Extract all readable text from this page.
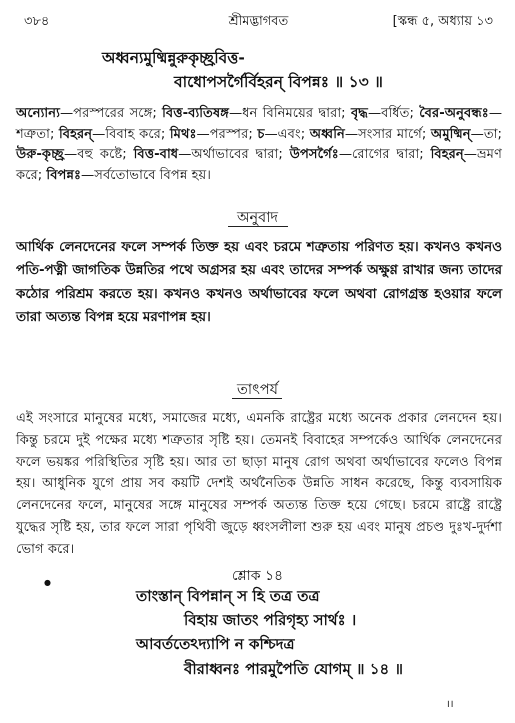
৩৮৪	শ্রীমদ্ভাগবত	[স্কন্ধ ৫, অধ্যায় ১৩
অধ্বন্যমুষ্মিন্নুরুকৃচ্ছ্রবিত্ত-
বাধোপসর্গৈর্বিহরন্ বিপন্নঃ ॥ ১৩ ॥
অন্যোন্য—পরস্পরের সঙ্গে; বিত্ত-ব্যতিষঙ্গ—ধন বিনিময়ের দ্বারা; বৃদ্ধ—বর্ধিত; বৈর-অনুবন্ধঃ—শত্রুতা; বিহরন্—বিবাহ করে; মিথঃ—পরস্পর; চ—এবং; অধ্বনি—সংসার মার্গে; অমুষ্মিন্—তা; উরু-কৃচ্ছ্র—বহু কষ্টে; বিত্ত-বাধ—অর্থাভাবের দ্বারা; উপসর্গৈঃ—রোগের দ্বারা; বিহরন্—ভ্রমণ করে; বিপন্নঃ—সর্বতোভাবে বিপন্ন হয়।
অনুবাদ
আর্থিক লেনদেনের ফলে সম্পর্ক তিক্ত হয় এবং চরমে শত্রুতায় পরিণত হয়। কখনও কখনও পতি-পত্নী জাগতিক উন্নতির পথে অগ্রসর হয় এবং তাদের সম্পর্ক অক্ষুণ্ণ রাখার জন্য তাদের কঠোর পরিশ্রম করতে হয়। কখনও কখনও অর্থাভাবের ফলে অথবা রোগগ্রস্ত হওয়ার ফলে তারা অত্যন্ত বিপন্ন হয়ে মরণাপন্ন হয়।
তাৎপর্য
এই সংসারে মানুষের মধ্যে, সমাজের মধ্যে, এমনকি রাষ্ট্রের মধ্যে অনেক প্রকার লেনদেন হয়। কিন্তু চরমে দুই পক্ষের মধ্যে শত্রুতার সৃষ্টি হয়। তেমনই বিবাহের সম্পর্কেও আর্থিক লেনদেনের ফলে ভয়ঙ্কর পরিস্থিতির সৃষ্টি হয়। আর তা ছাড়া মানুষ রোগ অথবা অর্থাভাবের ফলেও বিপন্ন হয়। আধুনিক যুগে প্রায় সব কয়টি দেশই অর্থনৈতিক উন্নতি সাধন করেছে, কিন্তু ব্যবসায়িক লেনদেনের ফলে, মানুষের সঙ্গে মানুষের সম্পর্ক অত্যন্ত তিক্ত হয়ে গেছে। চরমে রাষ্ট্রে রাষ্ট্রে যুদ্ধের সৃষ্টি হয়, তার ফলে সারা পৃথিবী জুড়ে ধ্বংসলীলা শুরু হয় এবং মানুষ প্রচণ্ড দুঃখ-দুর্দশা ভোগ করে।
●	শ্লোক ১৪
তাংস্তান্ বিপন্নান্ স হি তত্র তত্র
বিহায় জাতং পরিগৃহ্য সার্থঃ ।
আবর্ততেঽদ্যাপি ন কশ্চিদত্র
বীরাধ্বনঃ পারমুপৈতি যোগম্ ॥ ১৪ ॥
।।
